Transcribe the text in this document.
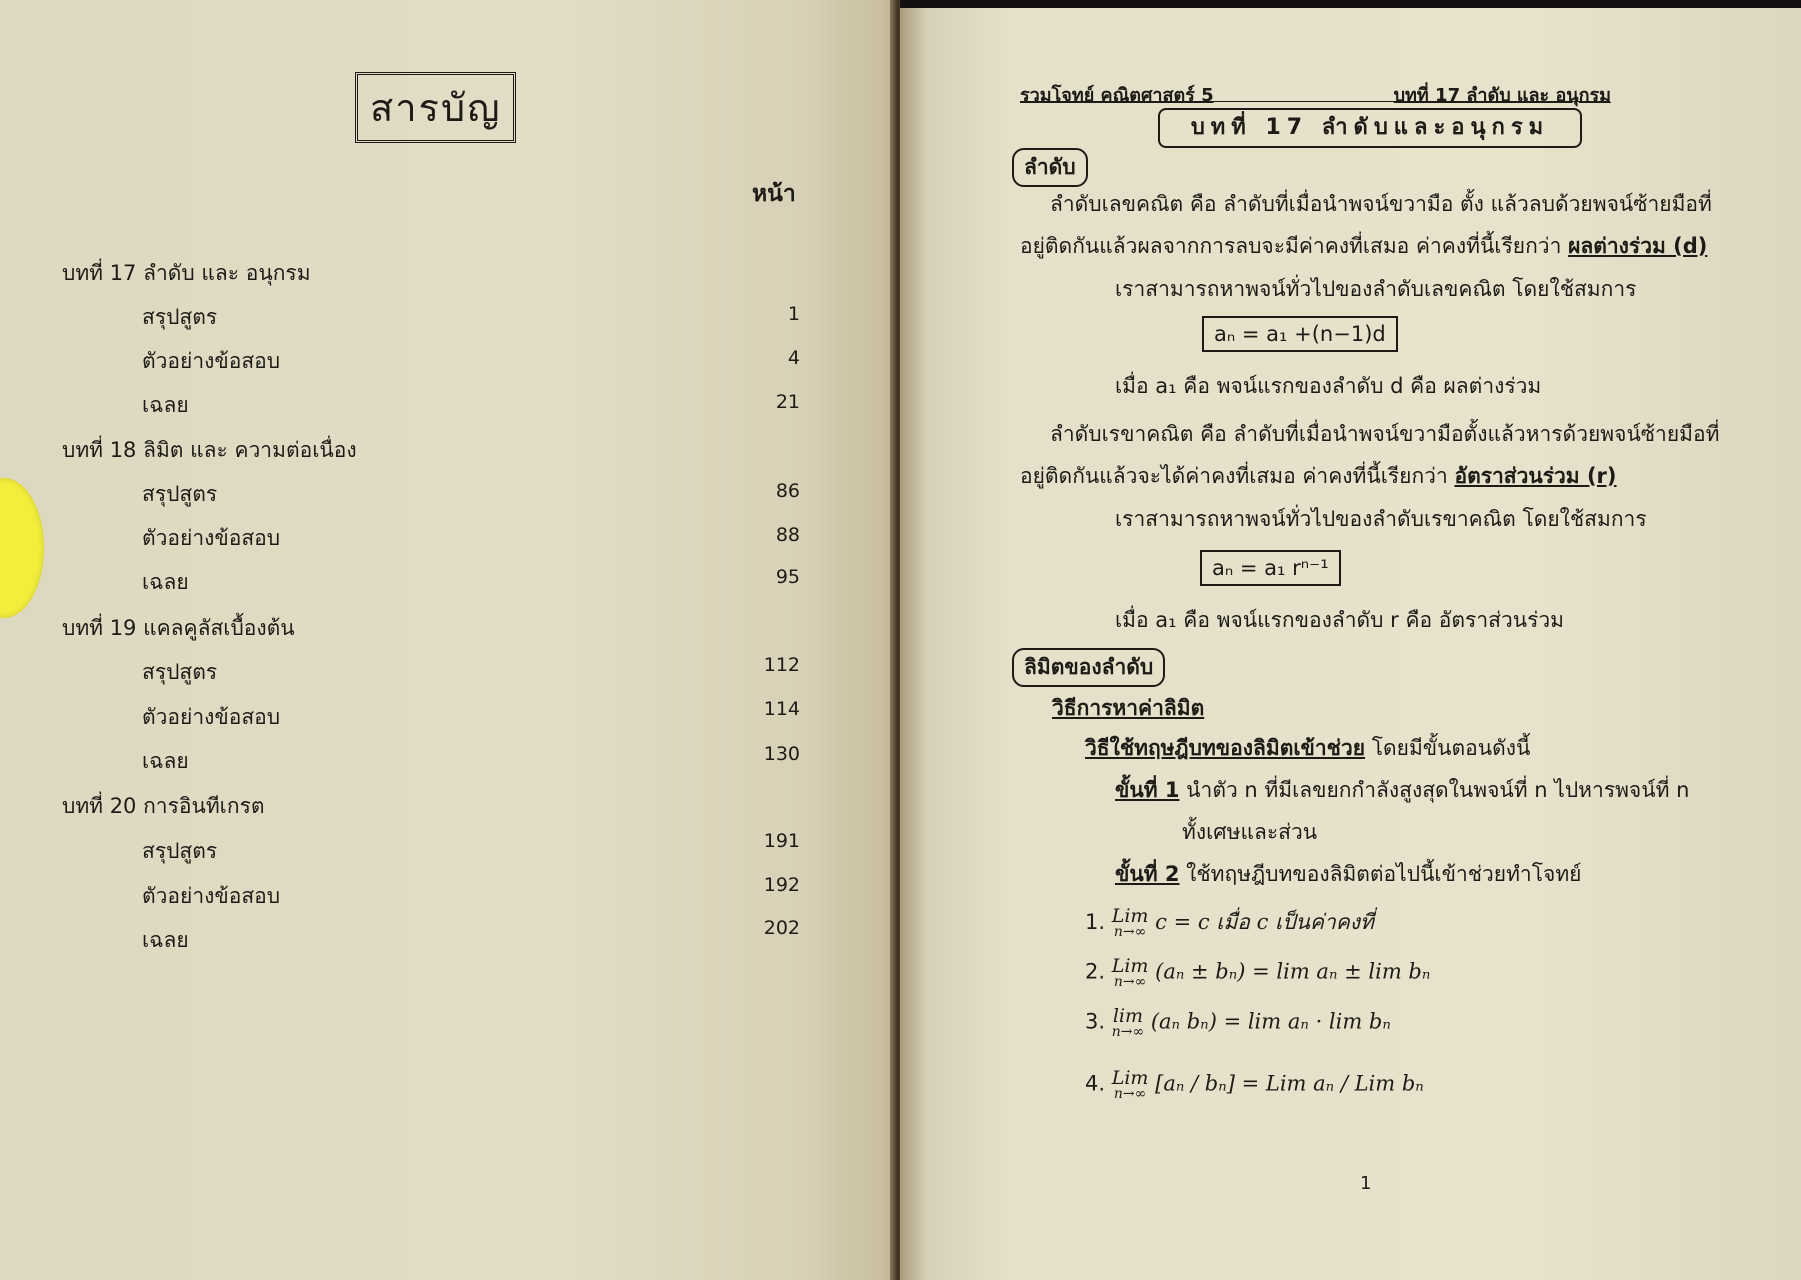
สารบัญ
หน้า
บทที่ 17 ลำดับ และ อนุกรม
สรุปสูตร	1
ตัวอย่างข้อสอบ	4
เฉลย	21
บทที่ 18 ลิมิต และ ความต่อเนื่อง
สรุปสูตร	86
ตัวอย่างข้อสอบ	88
เฉลย	95
บทที่ 19 แคลคูลัสเบื้องต้น
สรุปสูตร	112
ตัวอย่างข้อสอบ	114
เฉลย	130
บทที่ 20 การอินทีเกรต
สรุปสูตร	191
ตัวอย่างข้อสอบ	192
เฉลย	202
รวมโจทย์ คณิตศาสตร์ 5	บทที่ 17 ลำดับ และ อนุกรม
บทที่ 17 ลำดับและอนุกรม
ลำดับ
ลำดับเลขคณิต คือ ลำดับที่เมื่อนำพจน์ขวามือ ตั้ง แล้วลบด้วยพจน์ซ้ายมือที่
อยู่ติดกันแล้วผลจากการลบจะมีค่าคงที่เสมอ ค่าคงที่นี้เรียกว่า ผลต่างร่วม (d)
เราสามารถหาพจน์ทั่วไปของลำดับเลขคณิต โดยใช้สมการ
aₙ = a₁ +(n−1)d
เมื่อ a₁ คือ พจน์แรกของลำดับ d คือ ผลต่างร่วม
ลำดับเรขาคณิต คือ ลำดับที่เมื่อนำพจน์ขวามือตั้งแล้วหารด้วยพจน์ซ้ายมือที่
อยู่ติดกันแล้วจะได้ค่าคงที่เสมอ ค่าคงที่นี้เรียกว่า อัตราส่วนร่วม (r)
เราสามารถหาพจน์ทั่วไปของลำดับเรขาคณิต โดยใช้สมการ
aₙ = a₁ rⁿ⁻¹
เมื่อ a₁ คือ พจน์แรกของลำดับ r คือ อัตราส่วนร่วม
ลิมิตของลำดับ
วิธีการหาค่าลิมิต
วิธีใช้ทฤษฎีบทของลิมิตเข้าช่วย โดยมีขั้นตอนดังนี้
ขั้นที่ 1 นำตัว n ที่มีเลขยกกำลังสูงสุดในพจน์ที่ n ไปหารพจน์ที่ n
ทั้งเศษและส่วน
ขั้นที่ 2 ใช้ทฤษฎีบทของลิมิตต่อไปนี้เข้าช่วยทำโจทย์
1. Lim
n→∞ c = c เมื่อ c เป็นค่าคงที่
2. Lim
n→∞ (aₙ ± bₙ) = lim aₙ ± lim bₙ
3. lim
n→∞ (aₙ bₙ) = lim aₙ · lim bₙ
4. Lim
n→∞ [aₙ / bₙ] = Lim aₙ / Lim bₙ
1
